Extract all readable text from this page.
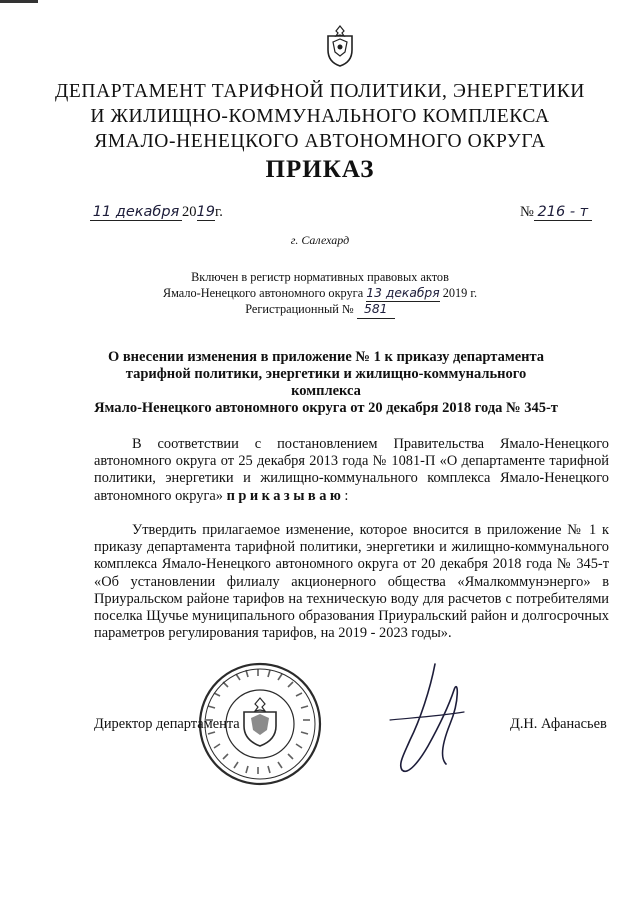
ДЕПАРТАМЕНТ ТАРИФНОЙ ПОЛИТИКИ, ЭНЕРГЕТИКИ
И ЖИЛИЩНО-КОММУНАЛЬНОГО КОМПЛЕКСА
ЯМАЛО-НЕНЕЦКОГО АВТОНОМНОГО ОКРУГА
ПРИКАЗ
11 декабря 2019г.	№ 216 - т
г. Салехард
Включен в регистр нормативных правовых актов
Ямало-Ненецкого автономного округа 13 декабря 2019 г.
Регистрационный № 581
О внесении изменения в приложение № 1 к приказу департамента
тарифной политики, энергетики и жилищно-коммунального комплекса
Ямало-Ненецкого автономного округа от 20 декабря 2018 года № 345-т
В соответствии с постановлением Правительства Ямало-Ненецкого автономного округа от 25 декабря 2013 года № 1081-П «О департаменте тарифной политики, энергетики и жилищно-коммунального комплекса Ямало-Ненецкого автономного округа» приказываю:
Утвердить прилагаемое изменение, которое вносится в приложение № 1 к приказу департамента тарифной политики, энергетики и жилищно-коммунального комплекса Ямало-Ненецкого автономного округа от 20 декабря 2018 года № 345-т «Об установлении филиалу акционерного общества «Ямалкоммунэнерго» в Приуральском районе тарифов на техническую воду для расчетов с потребителями поселка Щучье муниципального образования Приуральский район и долгосрочных параметров регулирования тарифов, на 2019 - 2023 годы».
Директор департамента	Д.Н. Афанасьев
